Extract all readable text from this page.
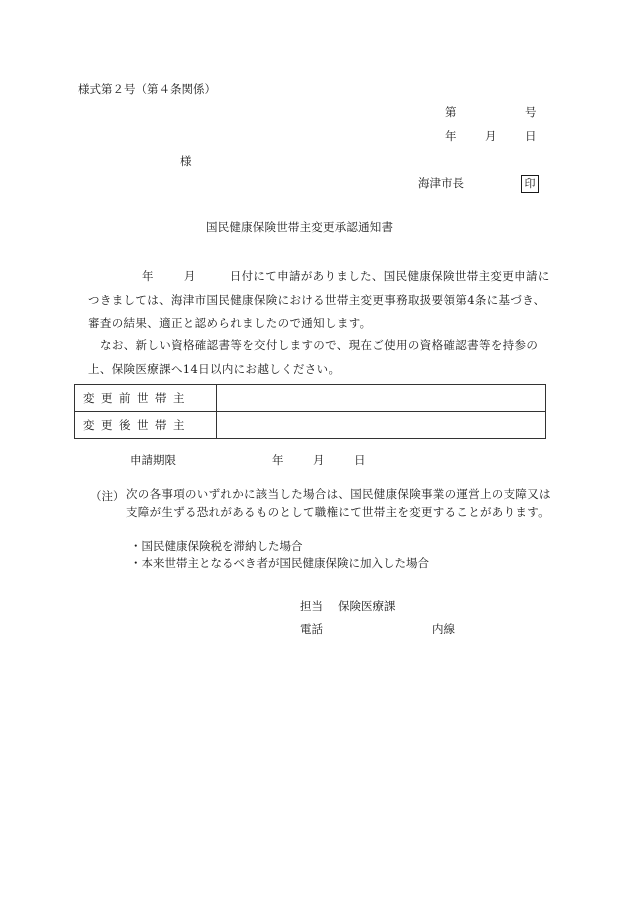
様式第２号（第４条関係）
第	号
年 月 日
様
海津市長	印
国民健康保険世帯主変更承認通知書
年	月	日付にて申請がありました、国民健康保険世帯主変更申請につきましては、海津市国民健康保険における世帯主変更事務取扱要領第4条に基づき、審査の結果、適正と認められましたので通知します。
なお、新しい資格確認書等を交付しますので、現在ご使用の資格確認書等を持参の上、保険医療課へ14日以内にお越しください。
変更前世帯主	
変更後世帯主	
申請期限	年	月	日
（注） 次の各事項のいずれかに該当した場合は、国民健康保険事業の運営上の支障又は支障が生ずる恐れがあるものとして職権にて世帯主を変更することがあります。
・国民健康保険税を滞納した場合
・本来世帯主となるべき者が国民健康保険に加入した場合
担当 保険医療課
電話	内線
